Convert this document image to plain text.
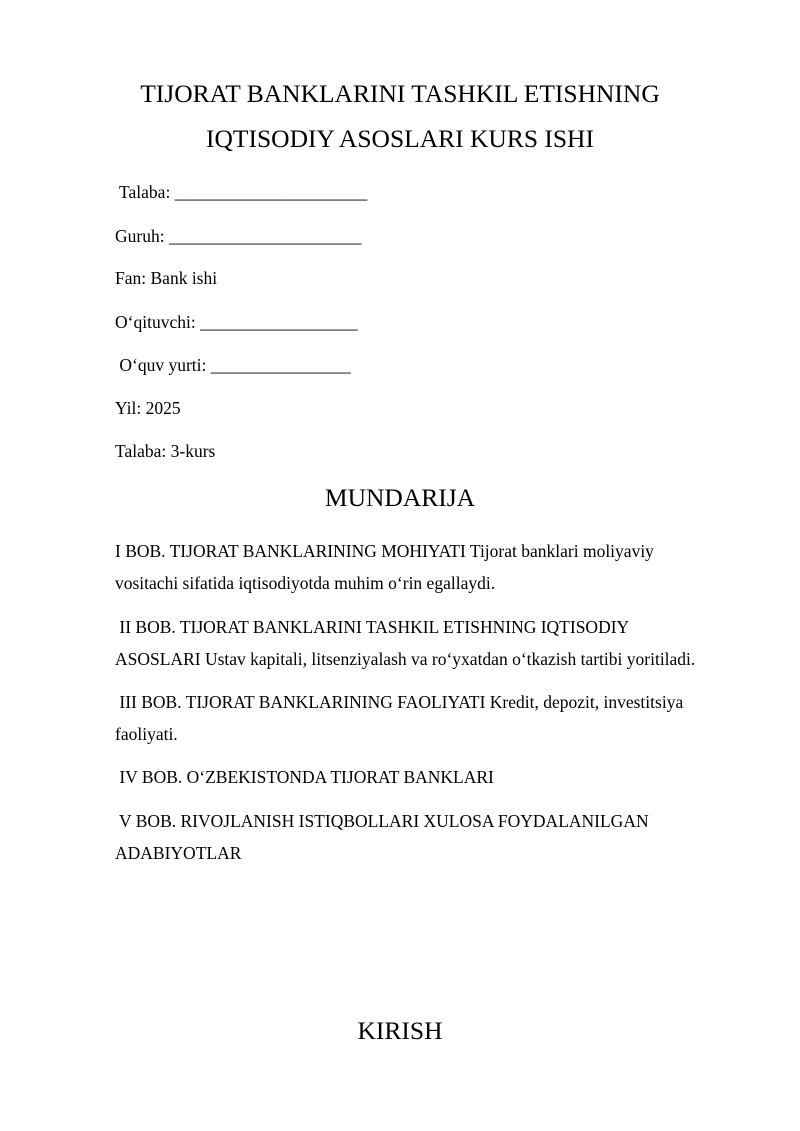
TIJORAT BANKLARINI TASHKIL ETISHNING
IQTISODIY ASOSLARI KURS ISHI
Talaba: ______________________
Guruh: ______________________
Fan: Bank ishi
O‘qituvchi: __________________
O‘quv yurti: ________________
Yil: 2025
Talaba: 3-kurs
MUNDARIJA
I BOB. TIJORAT BANKLARINING MOHIYATI Tijorat banklari moliyaviy
vositachi sifatida iqtisodiyotda muhim o‘rin egallaydi.
II BOB. TIJORAT BANKLARINI TASHKIL ETISHNING IQTISODIY
ASOSLARI Ustav kapitali, litsenziyalash va ro‘yxatdan o‘tkazish tartibi yoritiladi.
III BOB. TIJORAT BANKLARINING FAOLIYATI Kredit, depozit, investitsiya
faoliyati.
IV BOB. O‘ZBEKISTONDA TIJORAT BANKLARI
V BOB. RIVOJLANISH ISTIQBOLLARI XULOSA FOYDALANILGAN
ADABIYOTLAR
KIRISH
